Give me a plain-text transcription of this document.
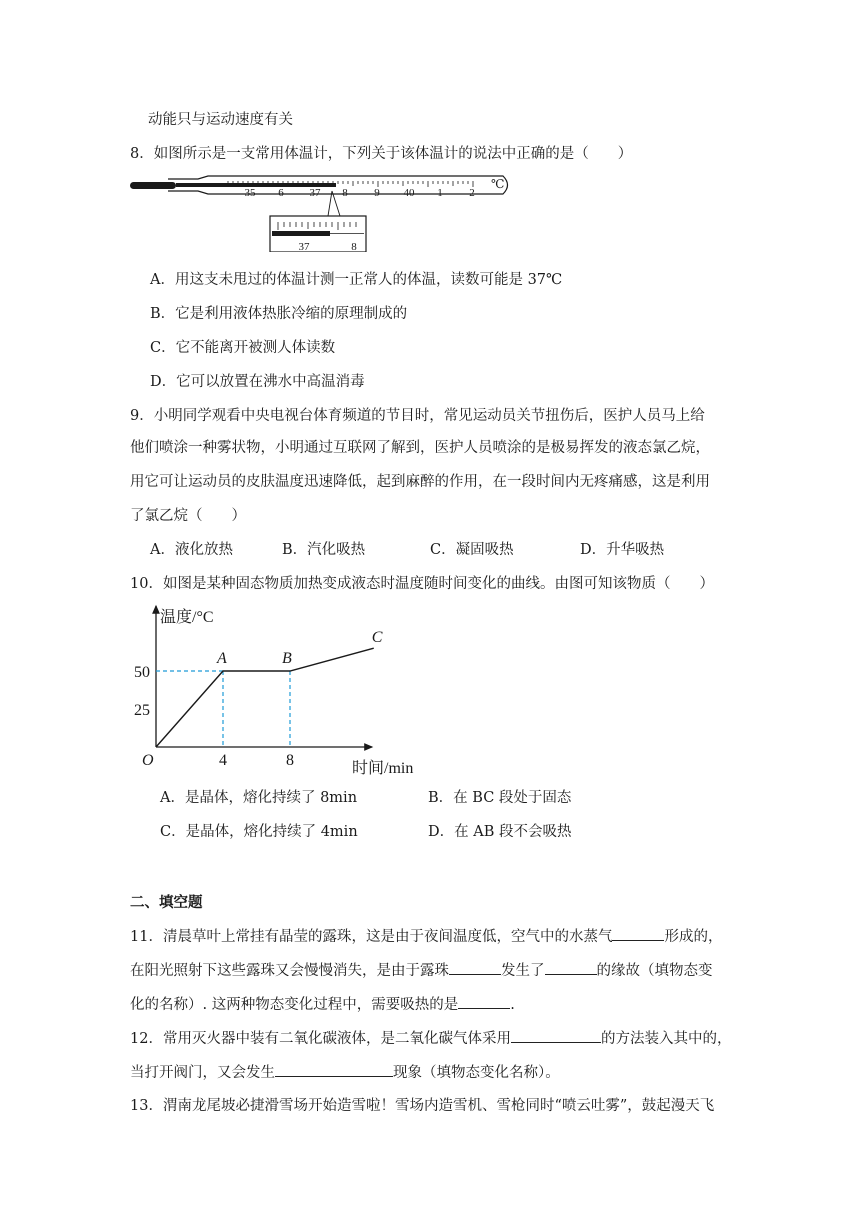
动能只与运动速度有关
8．如图所示是一支常用体温计，下列关于该体温计的说法中正确的是（　　）
35 6 37 8 9 40 1 2
℃
37	8
A．用这支未甩过的体温计测一正常人的体温，读数可能是 37℃
B．它是利用液体热胀冷缩的原理制成的
C．它不能离开被测人体读数
D．它可以放置在沸水中高温消毒
9．小明同学观看中央电视台体育频道的节目时，常见运动员关节扭伤后，医护人员马上给
他们喷涂一种雾状物，小明通过互联网了解到，医护人员喷涂的是极易挥发的液态氯乙烷，
用它可让运动员的皮肤温度迅速降低，起到麻醉的作用，在一段时间内无疼痛感，这是利用
了氯乙烷（　　）
A．液化放热	B．汽化吸热	C．凝固吸热	D．升华吸热
10．如图是某种固态物质加热变成液态时温度随时间变化的曲线。由图可知该物质（　　）
温度/°C
时间/min
O	4	8
25
50
A	B
C
A．是晶体，熔化持续了 8min	B．在 BC 段处于固态
C．是晶体，熔化持续了 4min	D．在 AB 段不会吸热
二、填空题
11．清晨草叶上常挂有晶莹的露珠，这是由于夜间温度低，空气中的水蒸气	形成的，
在阳光照射下这些露珠又会慢慢消失，是由于露珠	发生了	的缘故（填物态变
化的名称）. 这两种物态变化过程中，需要吸热的是	.
12．常用灭火器中装有二氧化碳液体，是二氧化碳气体采用	的方法装入其中的，
当打开阀门，又会发生	现象（填物态变化名称）。
13．渭南龙尾坡必捷滑雪场开始造雪啦！雪场内造雪机、雪枪同时“喷云吐雾”，鼓起漫天飞
